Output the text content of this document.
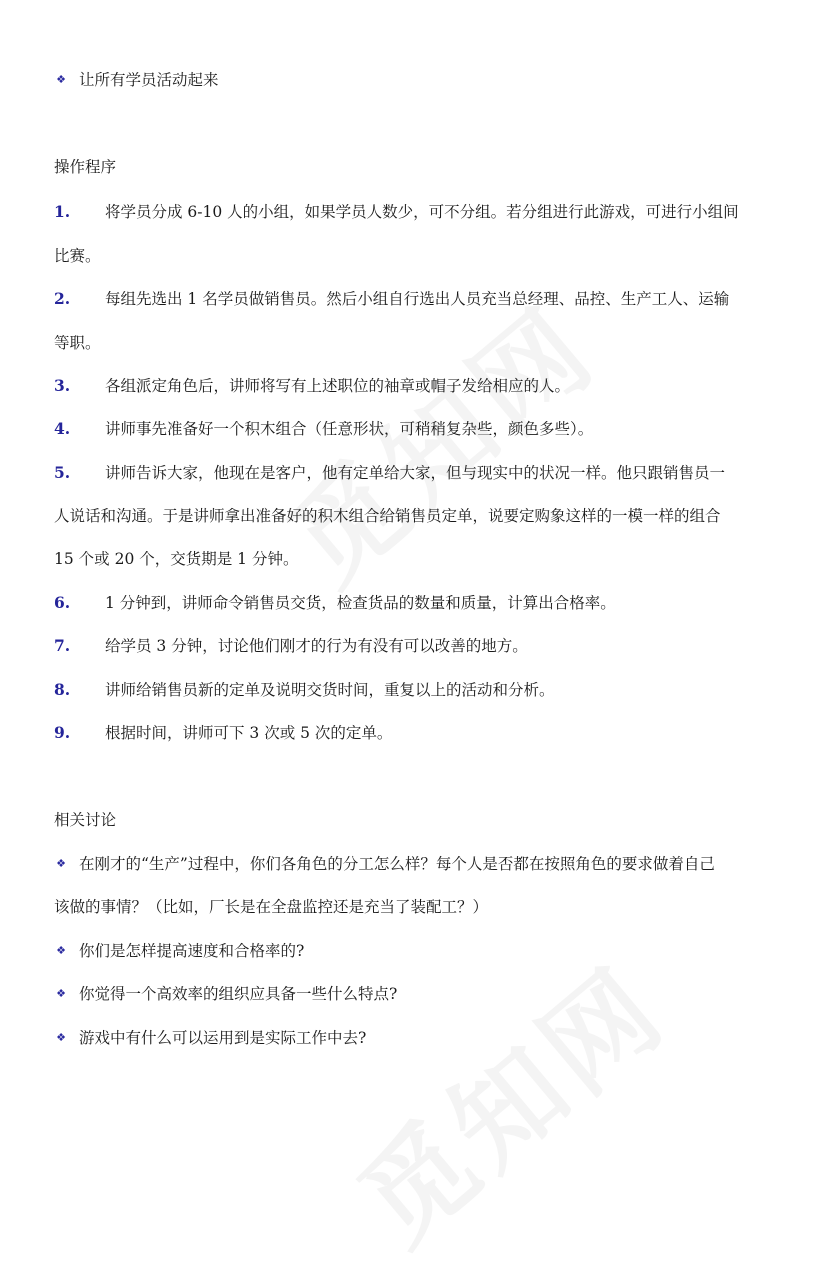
❖ 让所有学员活动起来
操作程序
1.	将学员分成 6-10 人的小组，如果学员人数少，可不分组。若分组进行此游戏，可进行小组间
比赛。
2.	每组先选出 1 名学员做销售员。然后小组自行选出人员充当总经理、品控、生产工人、运输
等职。
3.	各组派定角色后，讲师将写有上述职位的袖章或帽子发给相应的人。
4.	讲师事先准备好一个积木组合（任意形状，可稍稍复杂些，颜色多些）。
5.	讲师告诉大家，他现在是客户，他有定单给大家，但与现实中的状况一样。他只跟销售员一
人说话和沟通。于是讲师拿出准备好的积木组合给销售员定单，说要定购象这样的一模一样的组合
15 个或 20 个，交货期是 1 分钟。
6.	1 分钟到，讲师命令销售员交货，检查货品的数量和质量，计算出合格率。
7.	给学员 3 分钟，讨论他们刚才的行为有没有可以改善的地方。
8.	讲师给销售员新的定单及说明交货时间，重复以上的活动和分析。
9.	根据时间，讲师可下 3 次或 5 次的定单。
相关讨论
❖ 在刚才的“生产”过程中，你们各角色的分工怎么样？每个人是否都在按照角色的要求做着自己
该做的事情？（比如，厂长是在全盘监控还是充当了装配工？）
❖ 你们是怎样提高速度和合格率的?
❖ 你觉得一个高效率的组织应具备一些什么特点?
❖ 游戏中有什么可以运用到是实际工作中去?
